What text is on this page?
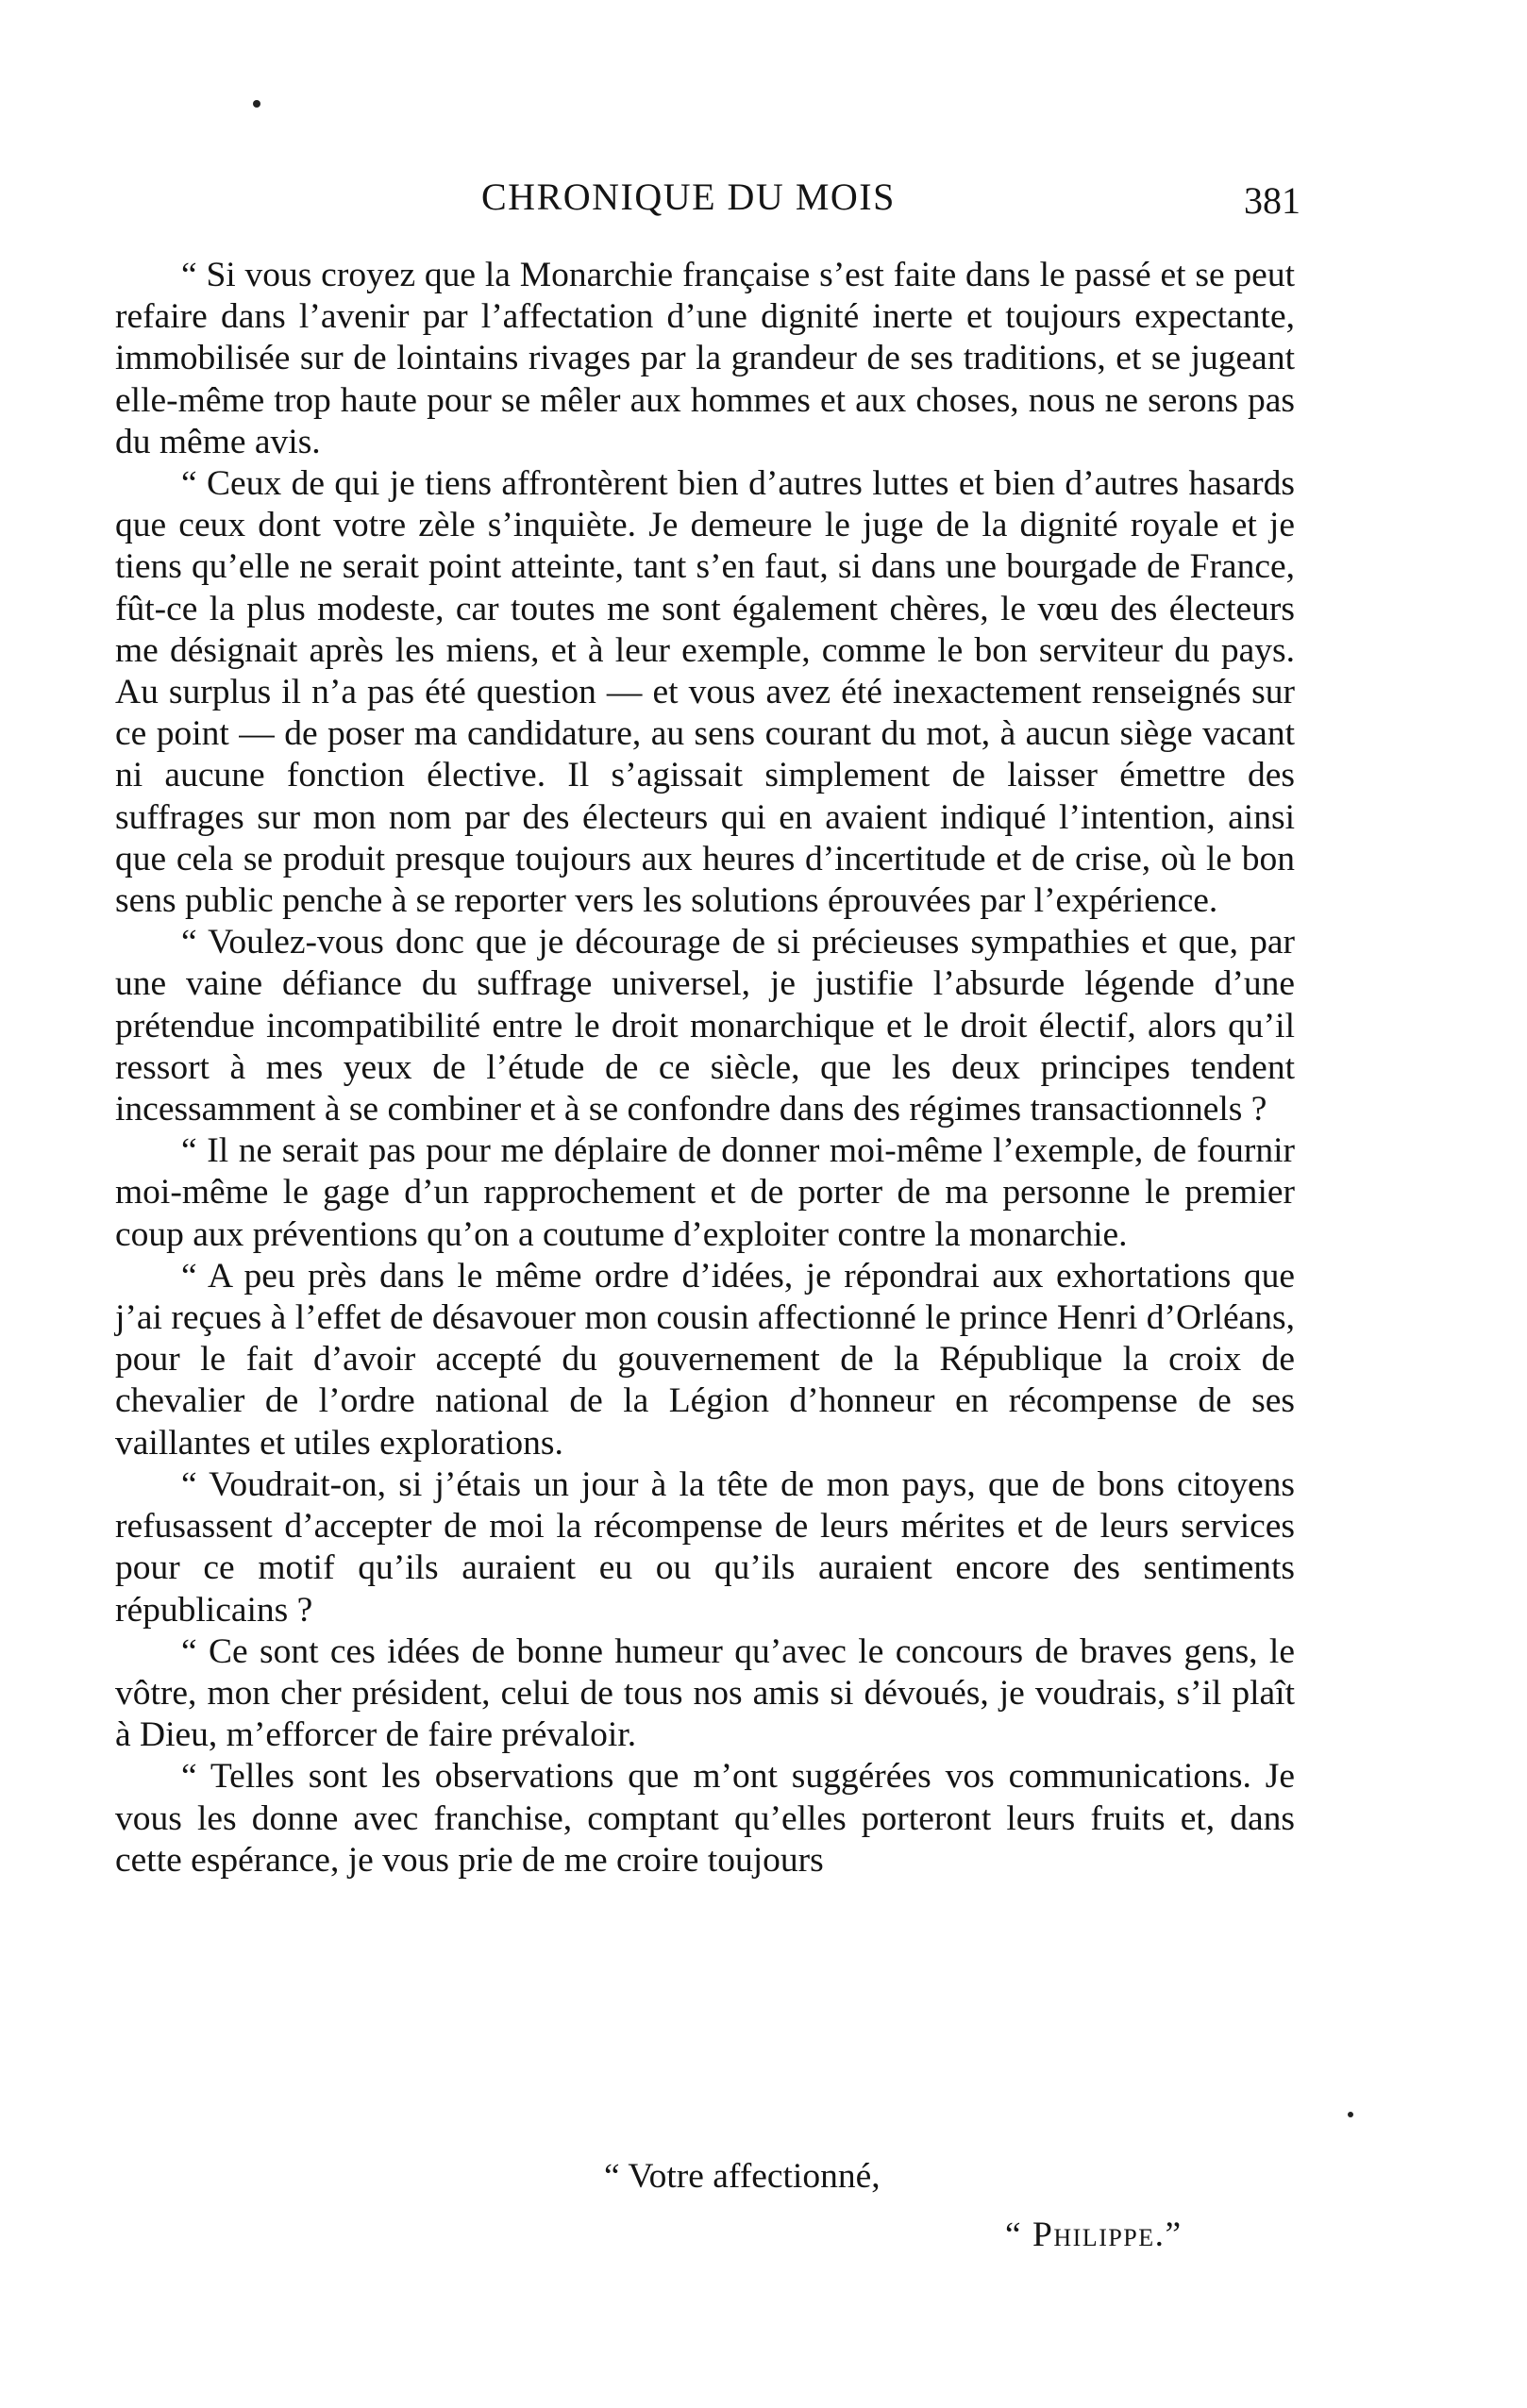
CHRONIQUE DU MOIS	381

“ Si vous croyez que la Monarchie française s’est faite dans le passé et se peut refaire dans l’avenir par l’affectation d’une dignité inerte et toujours expectante, immobilisée sur de lointains rivages par la grandeur de ses traditions, et se jugeant elle-même trop haute pour se mêler aux hommes et aux choses, nous ne serons pas du même avis.

“ Ceux de qui je tiens affrontèrent bien d’autres luttes et bien d’autres hasards que ceux dont votre zèle s’inquiète. Je demeure le juge de la dignité royale et je tiens qu’elle ne serait point atteinte, tant s’en faut, si dans une bourgade de France, fût-ce la plus modeste, car toutes me sont également chères, le vœu des électeurs me désignait après les miens, et à leur exemple, comme le bon serviteur du pays. Au surplus il n’a pas été question — et vous avez été inexactement renseignés sur ce point — de poser ma candidature, au sens courant du mot, à aucun siège vacant ni aucune fonction élective. Il s’agissait simplement de laisser émettre des suffrages sur mon nom par des électeurs qui en avaient indiqué l’intention, ainsi que cela se produit presque toujours aux heures d’incertitude et de crise, où le bon sens public penche à se reporter vers les solutions éprouvées par l’expérience.

“ Voulez-vous donc que je décourage de si précieuses sympathies et que, par une vaine défiance du suffrage universel, je justifie l’absurde légende d’une prétendue incompatibilité entre le droit monarchique et le droit électif, alors qu’il ressort à mes yeux de l’étude de ce siècle, que les deux principes tendent incessamment à se combiner et à se confondre dans des régimes transactionnels ?

“ Il ne serait pas pour me déplaire de donner moi-même l’exemple, de fournir moi-même le gage d’un rapprochement et de porter de ma personne le premier coup aux préventions qu’on a coutume d’exploiter contre la monarchie.

“ A peu près dans le même ordre d’idées, je répondrai aux exhortations que j’ai reçues à l’effet de désavouer mon cousin affectionné le prince Henri d’Orléans, pour le fait d’avoir accepté du gouvernement de la République la croix de chevalier de l’ordre national de la Légion d’honneur en récompense de ses vaillantes et utiles explorations.

“ Voudrait-on, si j’étais un jour à la tête de mon pays, que de bons citoyens refusassent d’accepter de moi la récompense de leurs mérites et de leurs services pour ce motif qu’ils auraient eu ou qu’ils auraient encore des sentiments républicains ?

“ Ce sont ces idées de bonne humeur qu’avec le concours de braves gens, le vôtre, mon cher président, celui de tous nos amis si dévoués, je voudrais, s’il plaît à Dieu, m’efforcer de faire prévaloir.

“ Telles sont les observations que m’ont suggérées vos communications. Je vous les donne avec franchise, comptant qu’elles porteront leurs fruits et, dans cette espérance, je vous prie de me croire toujours

“ Votre affectionné,
“ Philippe.”
